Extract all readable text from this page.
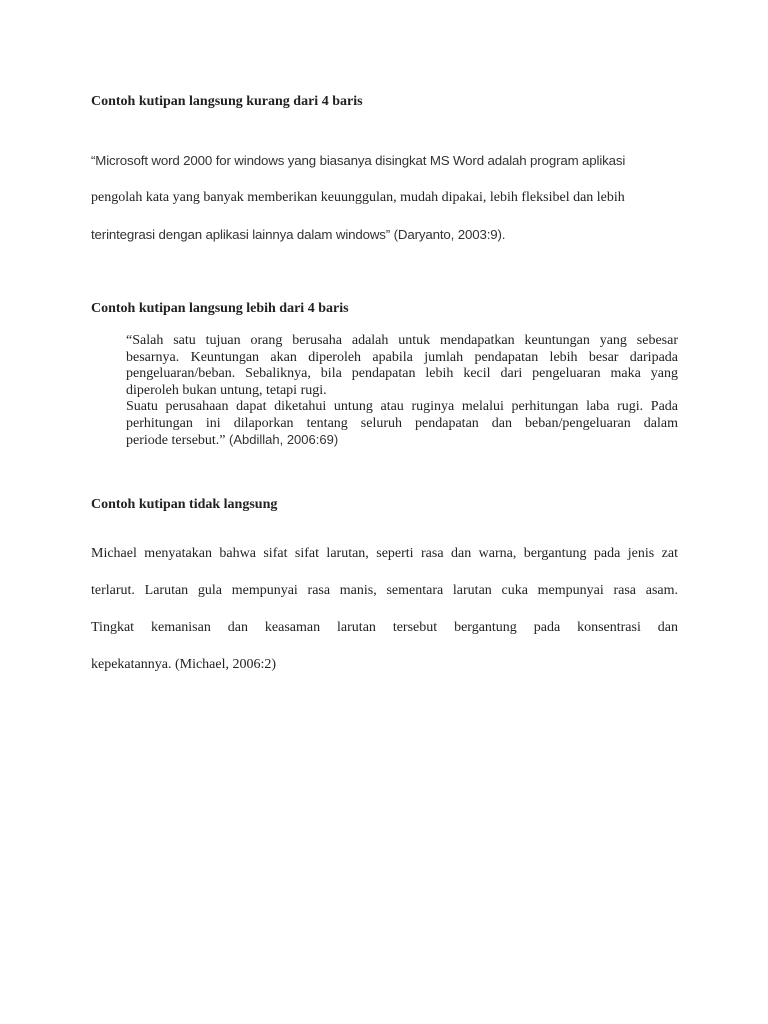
Contoh kutipan langsung kurang dari 4 baris

“Microsoft word 2000 for windows yang biasanya disingkat MS Word adalah program aplikasi
pengolah kata yang banyak memberikan keuunggulan, mudah dipakai, lebih fleksibel dan lebih
terintegrasi dengan aplikasi lainnya dalam windows” (Daryanto, 2003:9).

Contoh kutipan langsung lebih dari 4 baris
“Salah satu tujuan orang berusaha adalah untuk mendapatkan keuntungan yang sebesar
besarnya. Keuntungan akan diperoleh apabila jumlah pendapatan lebih besar daripada
pengeluaran/beban. Sebaliknya, bila pendapatan lebih kecil dari pengeluaran maka yang
diperoleh bukan untung, tetapi rugi.
Suatu perusahaan dapat diketahui untung atau ruginya melalui perhitungan laba rugi. Pada
perhitungan ini dilaporkan tentang seluruh pendapatan dan beban/pengeluaran dalam
periode tersebut.” (Abdillah, 2006:69)
Contoh kutipan tidak langsung

Michael menyatakan bahwa sifat sifat larutan, seperti rasa dan warna, bergantung pada jenis zat
terlarut. Larutan gula mempunyai rasa manis, sementara larutan cuka mempunyai rasa asam.
Tingkat kemanisan dan keasaman larutan tersebut bergantung pada konsentrasi dan
kepekatannya. (Michael, 2006:2)
